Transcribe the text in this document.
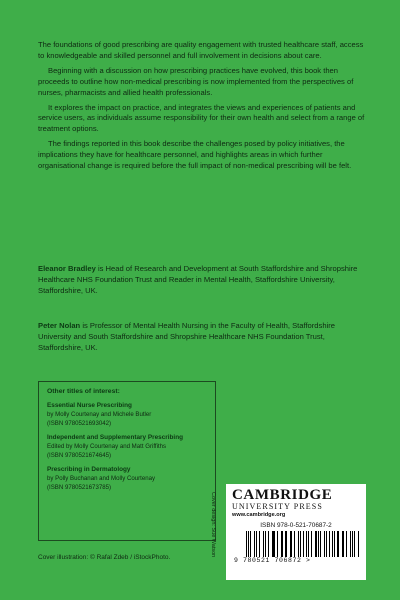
The foundations of good prescribing are quality engagement with trusted healthcare staff, access to knowledgeable and skilled personnel and full involvement in decisions about care.

Beginning with a discussion on how prescribing practices have evolved, this book then proceeds to outline how non-medical prescribing is now implemented from the perspectives of nurses, pharmacists and allied health professionals.

It explores the impact on practice, and integrates the views and experiences of patients and service users, as individuals assume responsibility for their own health and select from a range of treatment options.

The findings reported in this book describe the challenges posed by policy initiatives, the implications they have for healthcare personnel, and highlights areas in which further organisational change is required before the full impact of non-medical prescribing will be felt.

Eleanor Bradley is Head of Research and Development at South Staffordshire and Shropshire Healthcare NHS Foundation Trust and Reader in Mental Health, Staffordshire University, Staffordshire, UK.
Peter Nolan is Professor of Mental Health Nursing in the Faculty of Health, Staffordshire University and South Staffordshire and Shropshire Healthcare NHS Foundation Trust, Staffordshire, UK.
Other titles of interest:
Essential Nurse Prescribing
by Molly Courtenay and Michele Butler
(ISBN 9780521693042)
Independent and Supplementary Prescribing
Edited by Molly Courtenay and Matt Griffiths
(ISBN 9780521674645)
Prescribing in Dermatology
by Polly Buchanan and Molly Courtenay
(ISBN 9780521673785)
Cover illustration: © Rafal Zdeb / iStockPhoto.
Cover design: Sue Watson CAMBRIDGE
UNIVERSITY PRESS
www.cambridge.org
ISBN 978-0-521-70687-2
9 780521 706872 >
